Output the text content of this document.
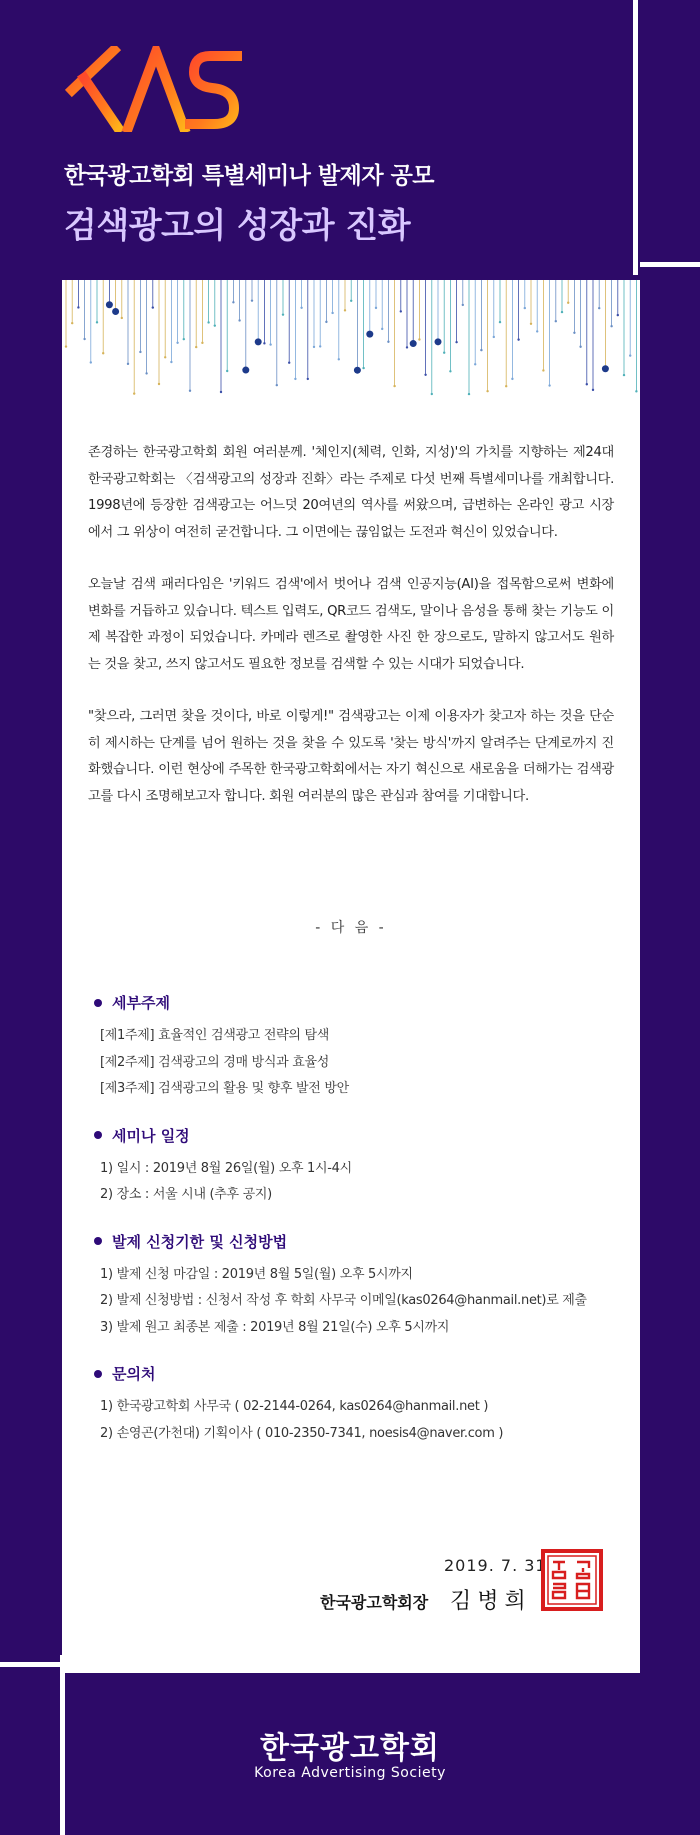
한국광고학회 특별세미나 발제자 공모
검색광고의 성장과 진화

존경하는 한국광고학회 회원 여러분께. '체인지(체력, 인화, 지성)'의 가치를 지향하는 제24대 한국광고학회는 〈검색광고의 성장과 진화〉라는 주제로 다섯 번째 특별세미나를 개최합니다. 1998년에 등장한 검색광고는 어느덧 20여년의 역사를 써왔으며, 급변하는 온라인 광고 시장에서 그 위상이 여전히 굳건합니다. 그 이면에는 끊임없는 도전과 혁신이 있었습니다.

오늘날 검색 패러다임은 '키워드 검색'에서 벗어나 검색 인공지능(AI)을 접목함으로써 변화에 변화를 거듭하고 있습니다. 텍스트 입력도, QR코드 검색도, 말이나 음성을 통해 찾는 기능도 이제 복잡한 과정이 되었습니다. 카메라 렌즈로 촬영한 사진 한 장으로도, 말하지 않고서도 원하는 것을 찾고, 쓰지 않고서도 필요한 정보를 검색할 수 있는 시대가 되었습니다.

"찾으라, 그러면 찾을 것이다, 바로 이렇게!" 검색광고는 이제 이용자가 찾고자 하는 것을 단순히 제시하는 단계를 넘어 원하는 것을 찾을 수 있도록 '찾는 방식'까지 알려주는 단계로까지 진화했습니다. 이런 현상에 주목한 한국광고학회에서는 자기 혁신으로 새로움을 더해가는 검색광고를 다시 조명해보고자 합니다. 회원 여러분의 많은 관심과 참여를 기대합니다.

- 다 음 -
세부주제
[제1주제] 효율적인 검색광고 전략의 탐색
[제2주제] 검색광고의 경매 방식과 효율성
[제3주제] 검색광고의 활용 및 향후 발전 방안
세미나 일정
1) 일시 : 2019년 8월 26일(월) 오후 1시-4시
2) 장소 : 서울 시내 (추후 공지)
발제 신청기한 및 신청방법
1) 발제 신청 마감일 : 2019년 8월 5일(월) 오후 5시까지
2) 발제 신청방법 : 신청서 작성 후 학회 사무국 이메일(kas0264@hanmail.net)로 제출
3) 발제 원고 최종본 제출 : 2019년 8월 21일(수) 오후 5시까지
문의처
1) 한국광고학회 사무국 ( 02-2144-0264, kas0264@hanmail.net )
2) 손영곤(가천대) 기획이사 ( 010-2350-7341, noesis4@naver.com )
2019. 7. 31
한국광고학회장 김병희
한국광고학회
Korea Advertising Society
